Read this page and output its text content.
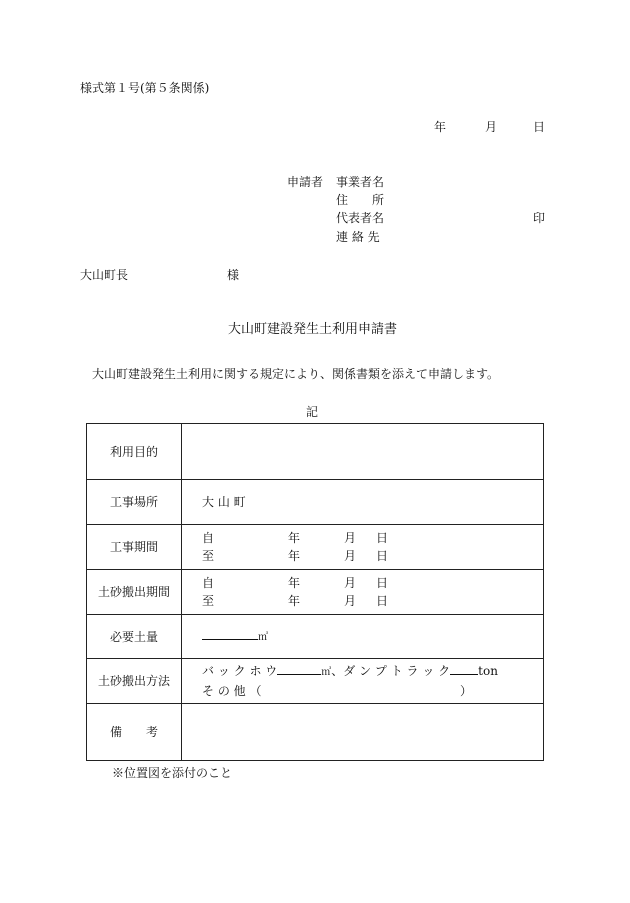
様式第１号(第５条関係)
年	月	日
申請者 事業者名
住　　所
代表者名	印
連 絡 先
大山町長	様
大山町建設発生土利用申請書
大山町建設発生土利用に関する規定により、関係書類を添えて申請します。
記
利用目的	
工事場所	大 山 町
工事期間	自 年 月 日
至 年 月 日

土砂搬出期間	自 年 月 日
至 年 月 日

必要土量	㎥
土砂搬出方法	バ ッ ク ホ ウ ㎥、ダ ン プ ト ラ ッ ク ton
そ の 他 （ ）

備　　考	
※位置図を添付のこと
